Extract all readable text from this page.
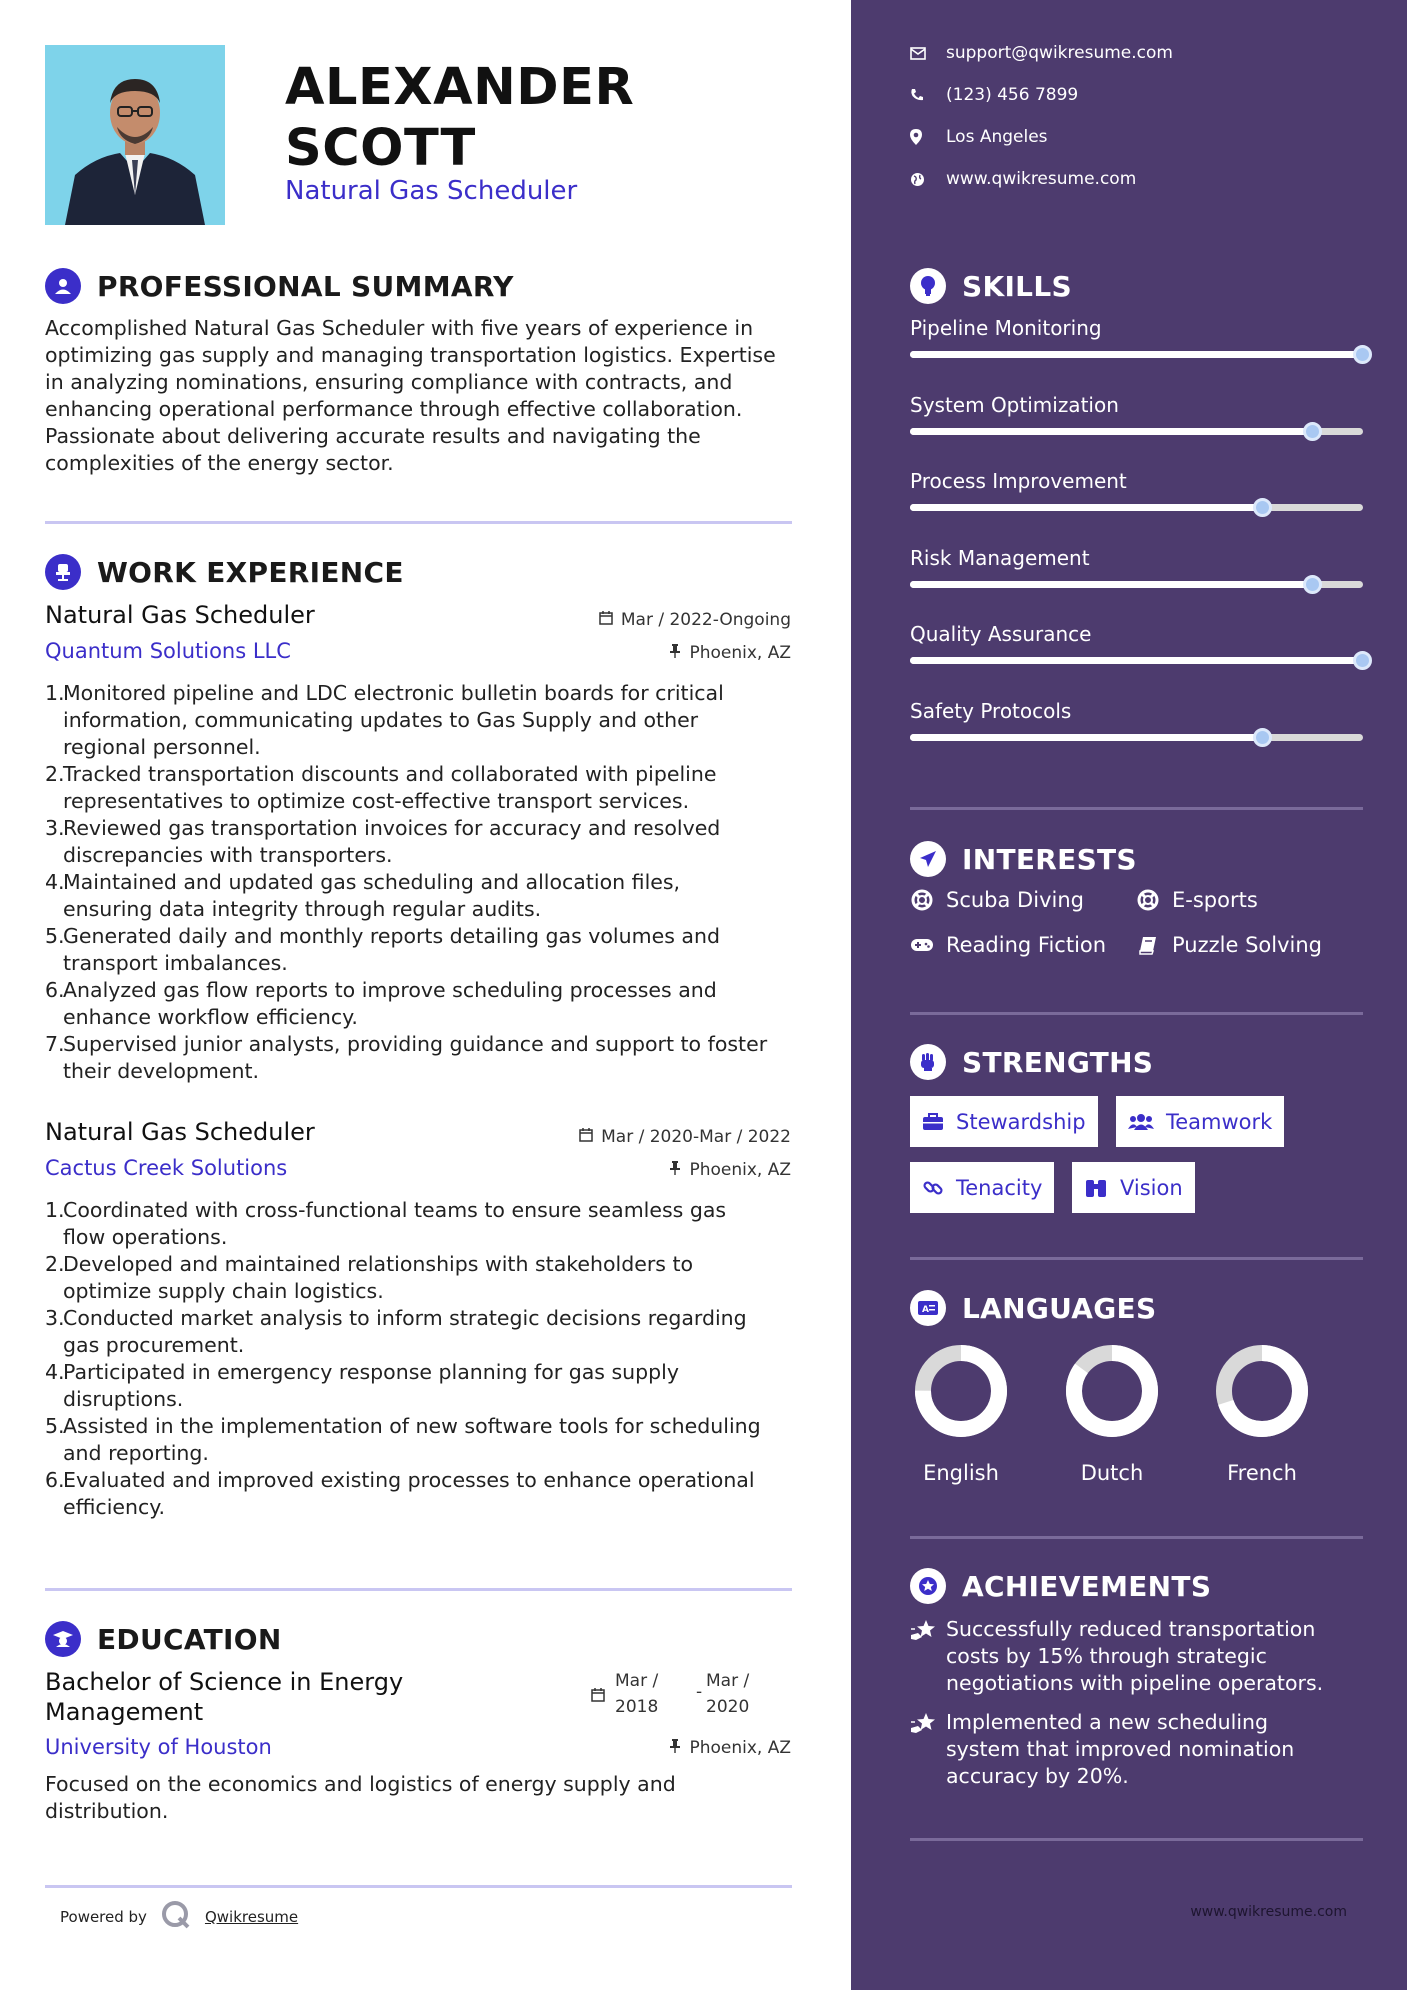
ALEXANDER
SCOTT
Natural Gas Scheduler
PROFESSIONAL SUMMARY
Accomplished Natural Gas Scheduler with five years of experience in
optimizing gas supply and managing transportation logistics. Expertise
in analyzing nominations, ensuring compliance with contracts, and
enhancing operational performance through effective collaboration.
Passionate about delivering accurate results and navigating the
complexities of the energy sector.
WORK EXPERIENCE
Natural Gas Scheduler	Mar / 2022-Ongoing
Quantum Solutions LLC	Phoenix, AZ
1.
Monitored pipeline and LDC electronic bulletin boards for critical
information, communicating updates to Gas Supply and other
regional personnel.
2.
Tracked transportation discounts and collaborated with pipeline
representatives to optimize cost-effective transport services.
3.
Reviewed gas transportation invoices for accuracy and resolved
discrepancies with transporters.
4.
Maintained and updated gas scheduling and allocation files,
ensuring data integrity through regular audits.
5.
Generated daily and monthly reports detailing gas volumes and
transport imbalances.
6.
Analyzed gas flow reports to improve scheduling processes and
enhance workflow efficiency.
7.
Supervised junior analysts, providing guidance and support to foster
their development.
Natural Gas Scheduler	Mar / 2020-Mar / 2022
Cactus Creek Solutions	Phoenix, AZ
1.
Coordinated with cross-functional teams to ensure seamless gas
flow operations.
2.
Developed and maintained relationships with stakeholders to
optimize supply chain logistics.
3.
Conducted market analysis to inform strategic decisions regarding
gas procurement.
4.
Participated in emergency response planning for gas supply
disruptions.
5.
Assisted in the implementation of new software tools for scheduling
and reporting.
6.
Evaluated and improved existing processes to enhance operational
efficiency.
EDUCATION
Bachelor of Science in Energy
Management
Mar /
2018
-
Mar /
2020
University of Houston	Phoenix, AZ
Focused on the economics and logistics of energy supply and
distribution.
Powered by	Qwikresume
support@qwikresume.com
(123) 456 7899
Los Angeles
www.qwikresume.com
SKILLS
Pipeline Monitoring
System Optimization
Process Improvement
Risk Management
Quality Assurance
Safety Protocols
INTERESTS
Scuba Diving	E-sports
Reading Fiction	Puzzle Solving
STRENGTHS
Stewardship	Teamwork
Tenacity	Vision
A LANGUAGES
English	Dutch	French
ACHIEVEMENTS
Successfully reduced transportation
costs by 15% through strategic
negotiations with pipeline operators.
Implemented a new scheduling
system that improved nomination
accuracy by 20%.
www.qwikresume.com
